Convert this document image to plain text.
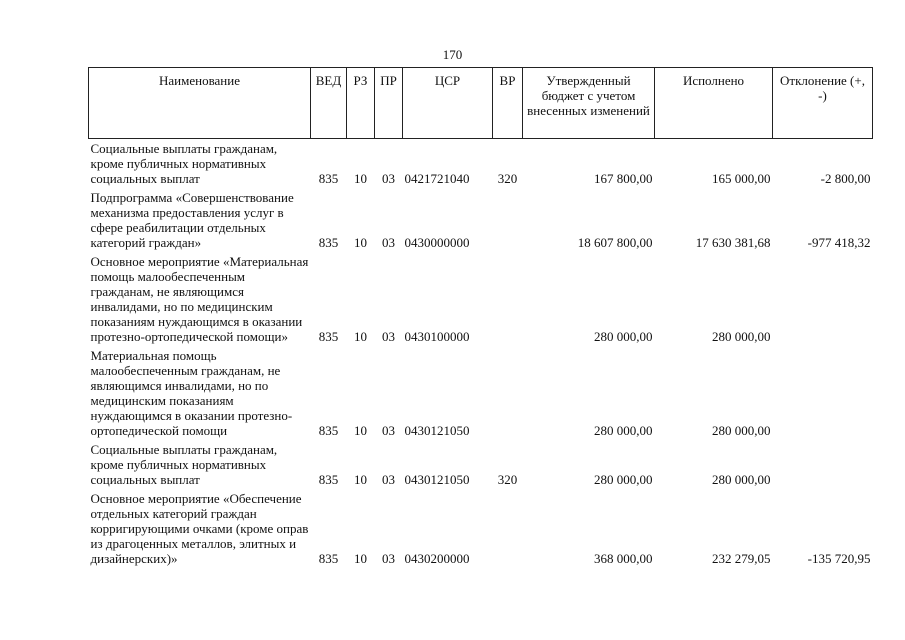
170
Наименование	ВЕД	РЗ	ПР	ЦСР	ВР	Утвержденный бюджет с учетом внесенных изменений	Исполнено	Отклонение (+, -)
Социальные выплаты гражданам, кроме публичных нормативных социальных выплат	835	10	03	0421721040	320	167 800,00	165 000,00	-2 800,00
Подпрограмма «Совершенствование механизма предоставления услуг в сфере реабилитации отдельных категорий граждан»	835	10	03	0430000000		18 607 800,00	17 630 381,68	-977 418,32
Основное мероприятие «Материальная помощь малообеспеченным гражданам, не являющимся инвалидами, но по медицинским показаниям нуждающимся в оказании протезно-ортопедической помощи»	835	10	03	0430100000		280 000,00	280 000,00	
Материальная помощь малообеспеченным гражданам, не являющимся инвалидами, но по медицинским показаниям нуждающимся в оказании протезно-ортопедической помощи	835	10	03	0430121050		280 000,00	280 000,00	
Социальные выплаты гражданам, кроме публичных нормативных социальных выплат	835	10	03	0430121050	320	280 000,00	280 000,00	
Основное мероприятие «Обеспечение отдельных категорий граждан корригирующими очками (кроме оправ из драгоценных металлов, элитных и дизайнерских)»	835	10	03	0430200000		368 000,00	232 279,05	-135 720,95
